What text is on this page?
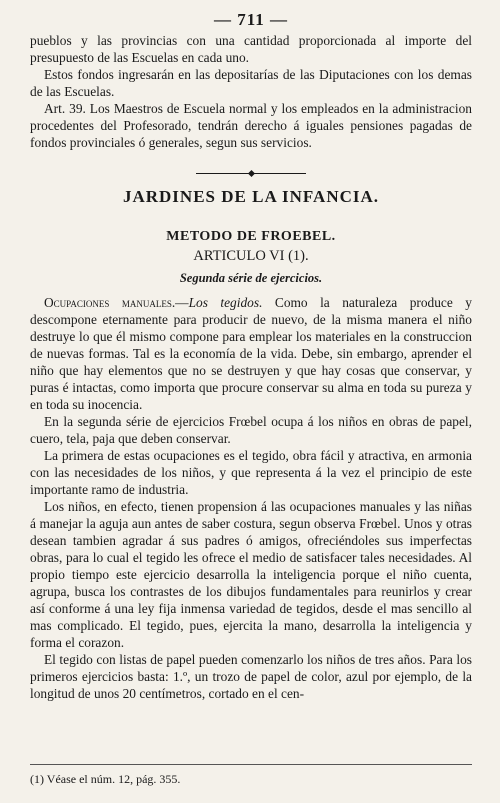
— 711 —

pueblos y las provincias con una cantidad proporcionada al importe del presupuesto de las Escuelas en cada uno.

Estos fondos ingresarán en las depositarías de las Diputaciones con los demas de las Escuelas.

Art. 39. Los Maestros de Escuela normal y los empleados en la administracion procedentes del Profesorado, tendrán derecho á iguales pensiones pagadas de fondos provinciales ó generales, segun sus servicios.

JARDINES DE LA INFANCIA.
METODO DE FROEBEL.
ARTICULO VI (1).
Segunda série de ejercicios.

Ocupaciones manuales.—Los tegidos. Como la naturaleza produce y descompone eternamente para producir de nuevo, de la misma manera el niño destruye lo que él mismo compone para emplear los materiales en la construccion de nuevas formas. Tal es la economía de la vida. Debe, sin embargo, aprender el niño que hay elementos que no se destruyen y que hay cosas que conservar, y puras é intactas, como importa que procure conservar su alma en toda su pureza y en toda su inocencia.

En la segunda série de ejercicios Frœbel ocupa á los niños en obras de papel, cuero, tela, paja que deben conservar.

La primera de estas ocupaciones es el tegido, obra fácil y atractiva, en armonia con las necesidades de los niños, y que representa á la vez el principio de este importante ramo de industria.

Los niños, en efecto, tienen propension á las ocupaciones manuales y las niñas á manejar la aguja aun antes de saber costura, segun observa Frœbel. Unos y otras desean tambien agradar á sus padres ó amigos, ofreciéndoles sus imperfectas obras, para lo cual el tegido les ofrece el medio de satisfacer tales necesidades. Al propio tiempo este ejercicio desarrolla la inteligencia porque el niño cuenta, agrupa, busca los contrastes de los dibujos fundamentales para reunirlos y crear así conforme á una ley fija inmensa variedad de tegidos, desde el mas sencillo al mas complicado. El tegido, pues, ejercita la mano, desarrolla la inteligencia y forma el corazon.

El tegido con listas de papel pueden comenzarlo los niños de tres años. Para los primeros ejercicios basta: 1.º, un trozo de papel de color, azul por ejemplo, de la longitud de unos 20 centímetros, cortado en el cen-

(1) Véase el núm. 12, pág. 355.
